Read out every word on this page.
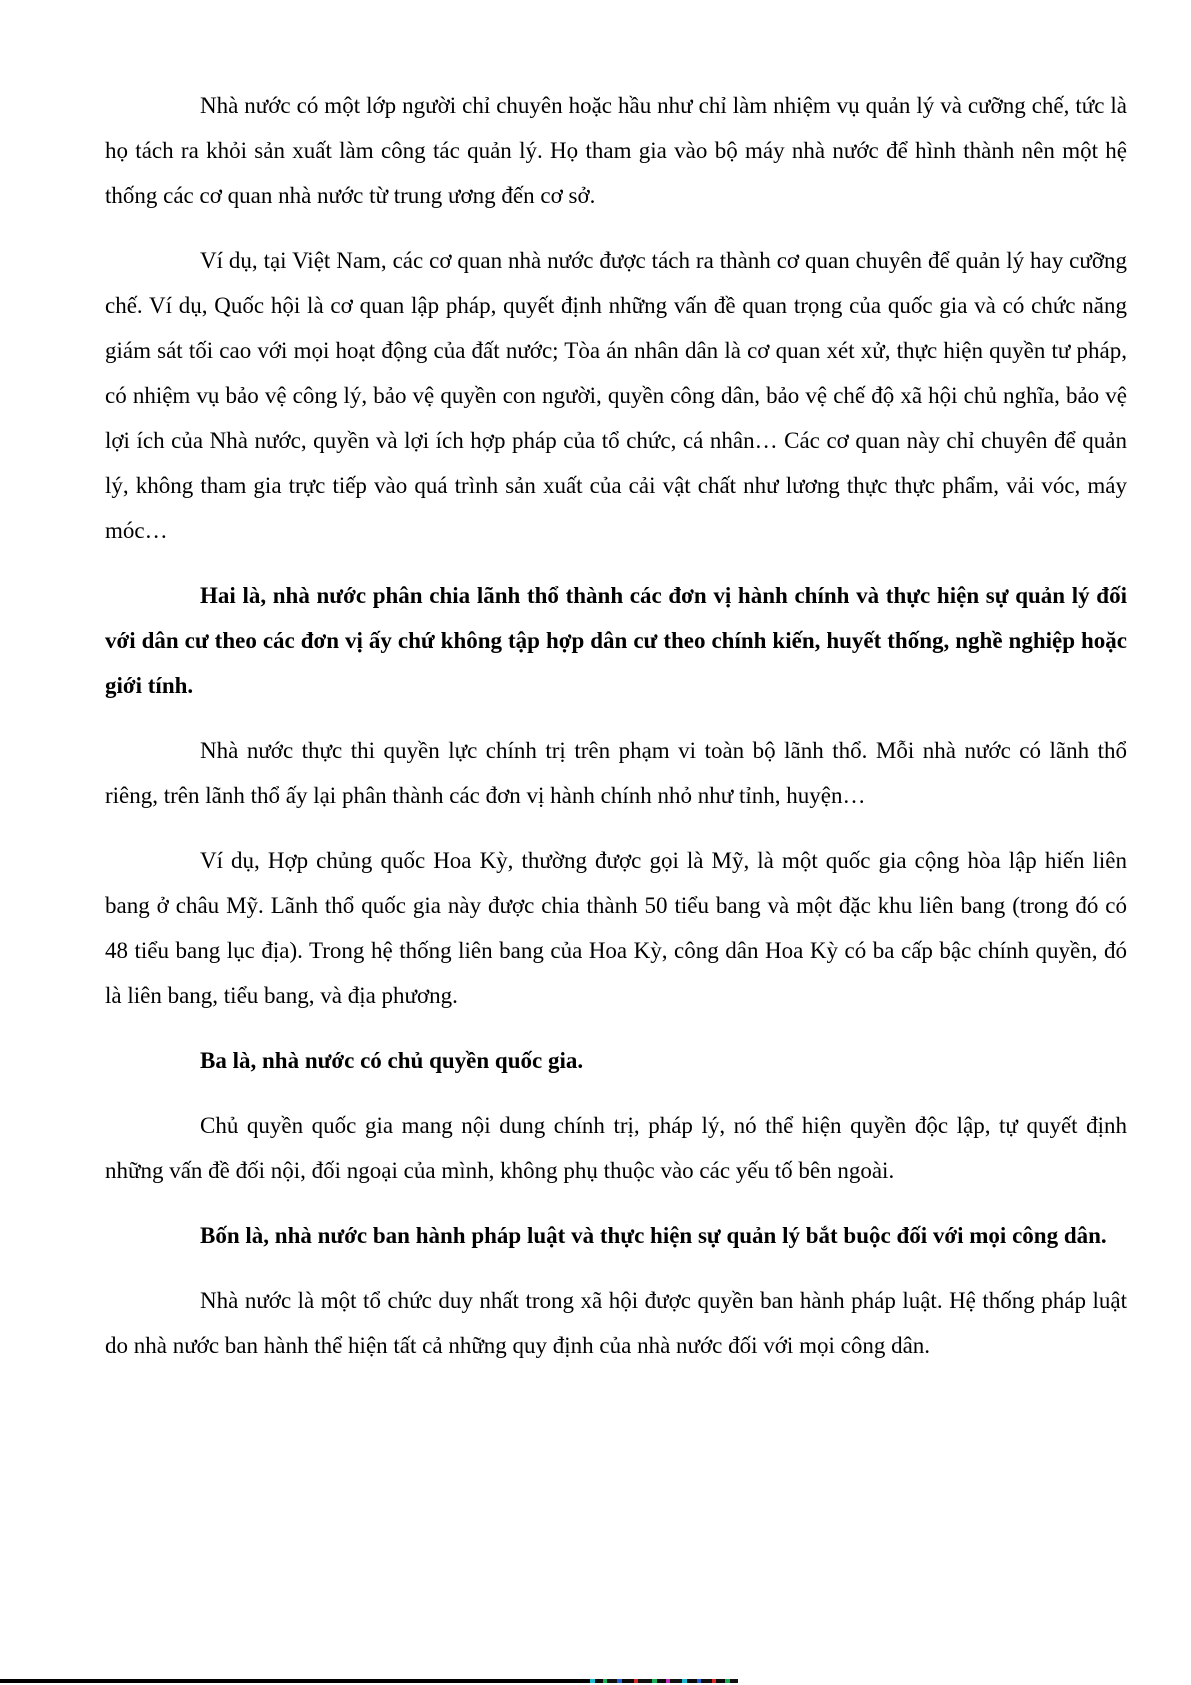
Nhà nước có một lớp người chỉ chuyên hoặc hầu như chỉ làm nhiệm vụ quản lý và cưỡng chế, tức là họ tách ra khỏi sản xuất làm công tác quản lý. Họ tham gia vào bộ máy nhà nước để hình thành nên một hệ thống các cơ quan nhà nước từ trung ương đến cơ sở.

Ví dụ, tại Việt Nam, các cơ quan nhà nước được tách ra thành cơ quan chuyên để quản lý hay cưỡng chế. Ví dụ, Quốc hội là cơ quan lập pháp, quyết định những vấn đề quan trọng của quốc gia và có chức năng giám sát tối cao với mọi hoạt động của đất nước; Tòa án nhân dân là cơ quan xét xử, thực hiện quyền tư pháp, có nhiệm vụ bảo vệ công lý, bảo vệ quyền con người, quyền công dân, bảo vệ chế độ xã hội chủ nghĩa, bảo vệ lợi ích của Nhà nước, quyền và lợi ích hợp pháp của tổ chức, cá nhân… Các cơ quan này chỉ chuyên để quản lý, không tham gia trực tiếp vào quá trình sản xuất của cải vật chất như lương thực thực phẩm, vải vóc, máy móc…

Hai là, nhà nước phân chia lãnh thổ thành các đơn vị hành chính và thực hiện sự quản lý đối với dân cư theo các đơn vị ấy chứ không tập hợp dân cư theo chính kiến, huyết thống, nghề nghiệp hoặc giới tính.

Nhà nước thực thi quyền lực chính trị trên phạm vi toàn bộ lãnh thổ. Mỗi nhà nước có lãnh thổ riêng, trên lãnh thổ ấy lại phân thành các đơn vị hành chính nhỏ như tỉnh, huyện…

Ví dụ, Hợp chủng quốc Hoa Kỳ, thường được gọi là Mỹ, là một quốc gia cộng hòa lập hiến liên bang ở châu Mỹ. Lãnh thổ quốc gia này được chia thành 50 tiểu bang và một đặc khu liên bang (trong đó có 48 tiểu bang lục địa). Trong hệ thống liên bang của Hoa Kỳ, công dân Hoa Kỳ có ba cấp bậc chính quyền, đó là liên bang, tiểu bang, và địa phương.

Ba là, nhà nước có chủ quyền quốc gia.

Chủ quyền quốc gia mang nội dung chính trị, pháp lý, nó thể hiện quyền độc lập, tự quyết định những vấn đề đối nội, đối ngoại của mình, không phụ thuộc vào các yếu tố bên ngoài.

Bốn là, nhà nước ban hành pháp luật và thực hiện sự quản lý bắt buộc đối với mọi công dân.

Nhà nước là một tổ chức duy nhất trong xã hội được quyền ban hành pháp luật. Hệ thống pháp luật do nhà nước ban hành thể hiện tất cả những quy định của nhà nước đối với mọi công dân.
